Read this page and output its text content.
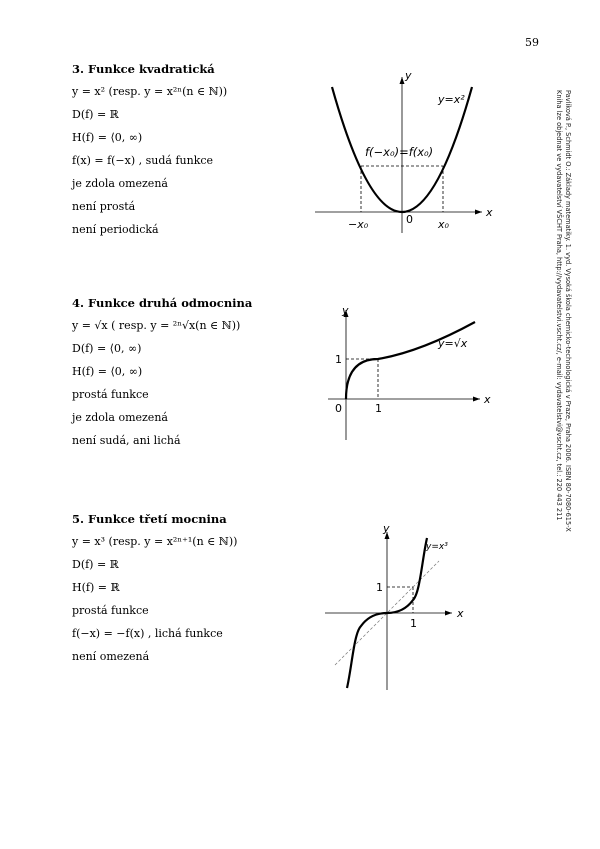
59
3. Funkce kvadratická
y = x² (resp. y = x²ⁿ(n ∈ ℕ))
D(f) = ℝ
H(f) = ⟨0, ∞)
f(x) = f(−x) , sudá funkce
je zdola omezená
není prostá
není periodická
y
x
y=x²
f(−x₀)=f(x₀)
−x₀	0 x₀
4. Funkce druhá odmocnina
y = √x ( resp. y = ²ⁿ√x(n ∈ ℕ))
D(f) = ⟨0, ∞)
H(f) = ⟨0, ∞)
prostá funkce
je zdola omezená
není sudá, ani lichá
y
x
y=√x
1
1
0
5. Funkce třetí mocnina
y = x³ (resp. y = x²ⁿ⁺¹(n ∈ ℕ))
D(f) = ℝ
H(f) = ℝ
prostá funkce
f(−x) = −f(x) , lichá funkce
není omezená
y
x
y=x³
1
1
Pavlíková P., Schmidt O.: Základy matematiky. 1. vyd. Vysoká škola chemicko-technologická v Praze, Praha 2006. ISBN 80-7080-615-X
Kniha lze objednat ve vydavatelství VŠCHT Praha, http://vydavatelstvi.vscht.cz/, e-mail: vydavatelstvi@vscht.cz, tel.: 220 443 211
